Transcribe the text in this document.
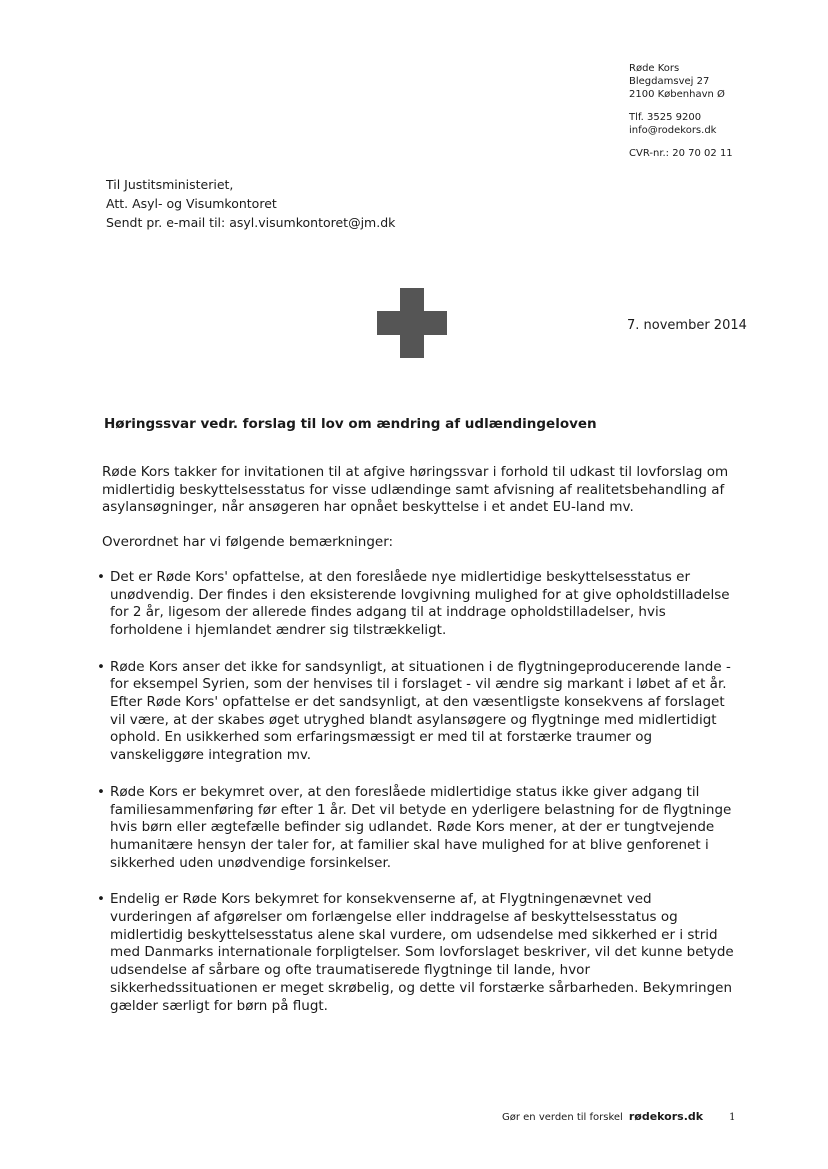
Røde Kors
Blegdamsvej 27
2100 København Ø
Tlf. 3525 9200
info@rodekors.dk
CVR-nr.: 20 70 02 11
Til Justitsministeriet,
Att. Asyl- og Visumkontoret
Sendt pr. e-mail til: asyl.visumkontoret@jm.dk
7. november 2014
Høringssvar vedr. forslag til lov om ændring af udlændingeloven

Røde Kors takker for invitationen til at afgive høringssvar i forhold til udkast til lovforslag om midlertidig beskyttelsesstatus for visse udlændinge samt afvisning af realitetsbehandling af asylansøgninger, når ansøgeren har opnået beskyttelse i et andet EU-land mv.

Overordnet har vi følgende bemærkninger:

• Det er Røde Kors' opfattelse, at den foreslåede nye midlertidige beskyttelsesstatus er unødvendig. Der findes i den eksisterende lovgivning mulighed for at give opholdstilladelse for 2 år, ligesom der allerede findes adgang til at inddrage opholdstilladelser, hvis forholdene i hjemlandet ændrer sig tilstrækkeligt.
• Røde Kors anser det ikke for sandsynligt, at situationen i de flygtningeproducerende lande - for eksempel Syrien, som der henvises til i forslaget - vil ændre sig markant i løbet af et år. Efter Røde Kors' opfattelse er det sandsynligt, at den væsentligste konsekvens af forslaget vil være, at der skabes øget utryghed blandt asylansøgere og flygtninge med midlertidigt ophold. En usikkerhed som erfaringsmæssigt er med til at forstærke traumer og vanskeliggøre integration mv.
• Røde Kors er bekymret over, at den foreslåede midlertidige status ikke giver adgang til familiesammenføring før efter 1 år. Det vil betyde en yderligere belastning for de flygtninge hvis børn eller ægtefælle befinder sig udlandet. Røde Kors mener, at der er tungtvejende humanitære hensyn der taler for, at familier skal have mulighed for at blive genforenet i sikkerhed uden unødvendige forsinkelser.
• Endelig er Røde Kors bekymret for konsekvenserne af, at Flygtningenævnet ved vurderingen af afgørelser om forlængelse eller inddragelse af beskyttelsesstatus og midlertidig beskyttelsesstatus alene skal vurdere, om udsendelse med sikkerhed er i strid med Danmarks internationale forpligtelser. Som lovforslaget beskriver, vil det kunne betyde udsendelse af sårbare og ofte traumatiserede flygtninge til lande, hvor sikkerhedssituationen er meget skrøbelig, og dette vil forstærke sårbarheden. Bekymringen gælder særligt for børn på flugt.
Gør en verden til forskel rødekors.dk	1
